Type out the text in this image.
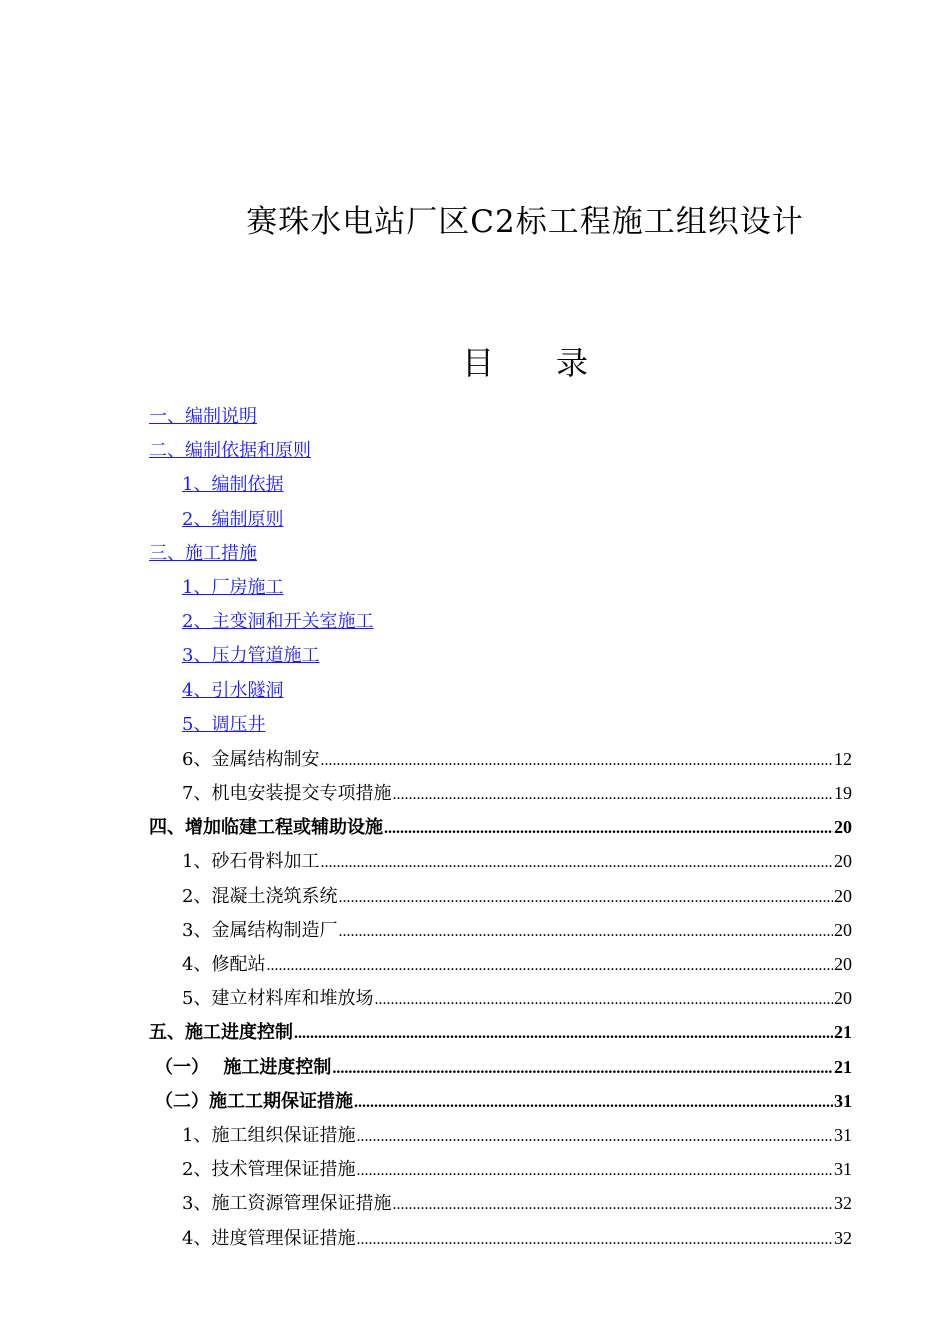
赛珠水电站厂区C2标工程施工组织设计
目录
一、编制说明
二、编制依据和原则
1、编制依据
2、编制原则
三、施工措施
1、厂房施工
2、主变洞和开关室施工
3、压力管道施工
4、引水隧洞
5、调压井
6、金属结构制安 .....	12
7、机电安装提交专项措施 .....	19
四、增加临建工程或辅助设施 .....	20
1、砂石骨料加工 .....	20
2、混凝土浇筑系统 .....	20
3、金属结构制造厂 .....	20
4、修配站 .....	20
5、建立材料库和堆放场 .....	20
五、施工进度控制 .....	21
（一） 施工进度控制 .....	21
（二）施工工期保证措施 .....	31
1、施工组织保证措施 .....	31
2、技术管理保证措施 .....	31
3、施工资源管理保证措施 .....	32
4、进度管理保证措施 .....	32
